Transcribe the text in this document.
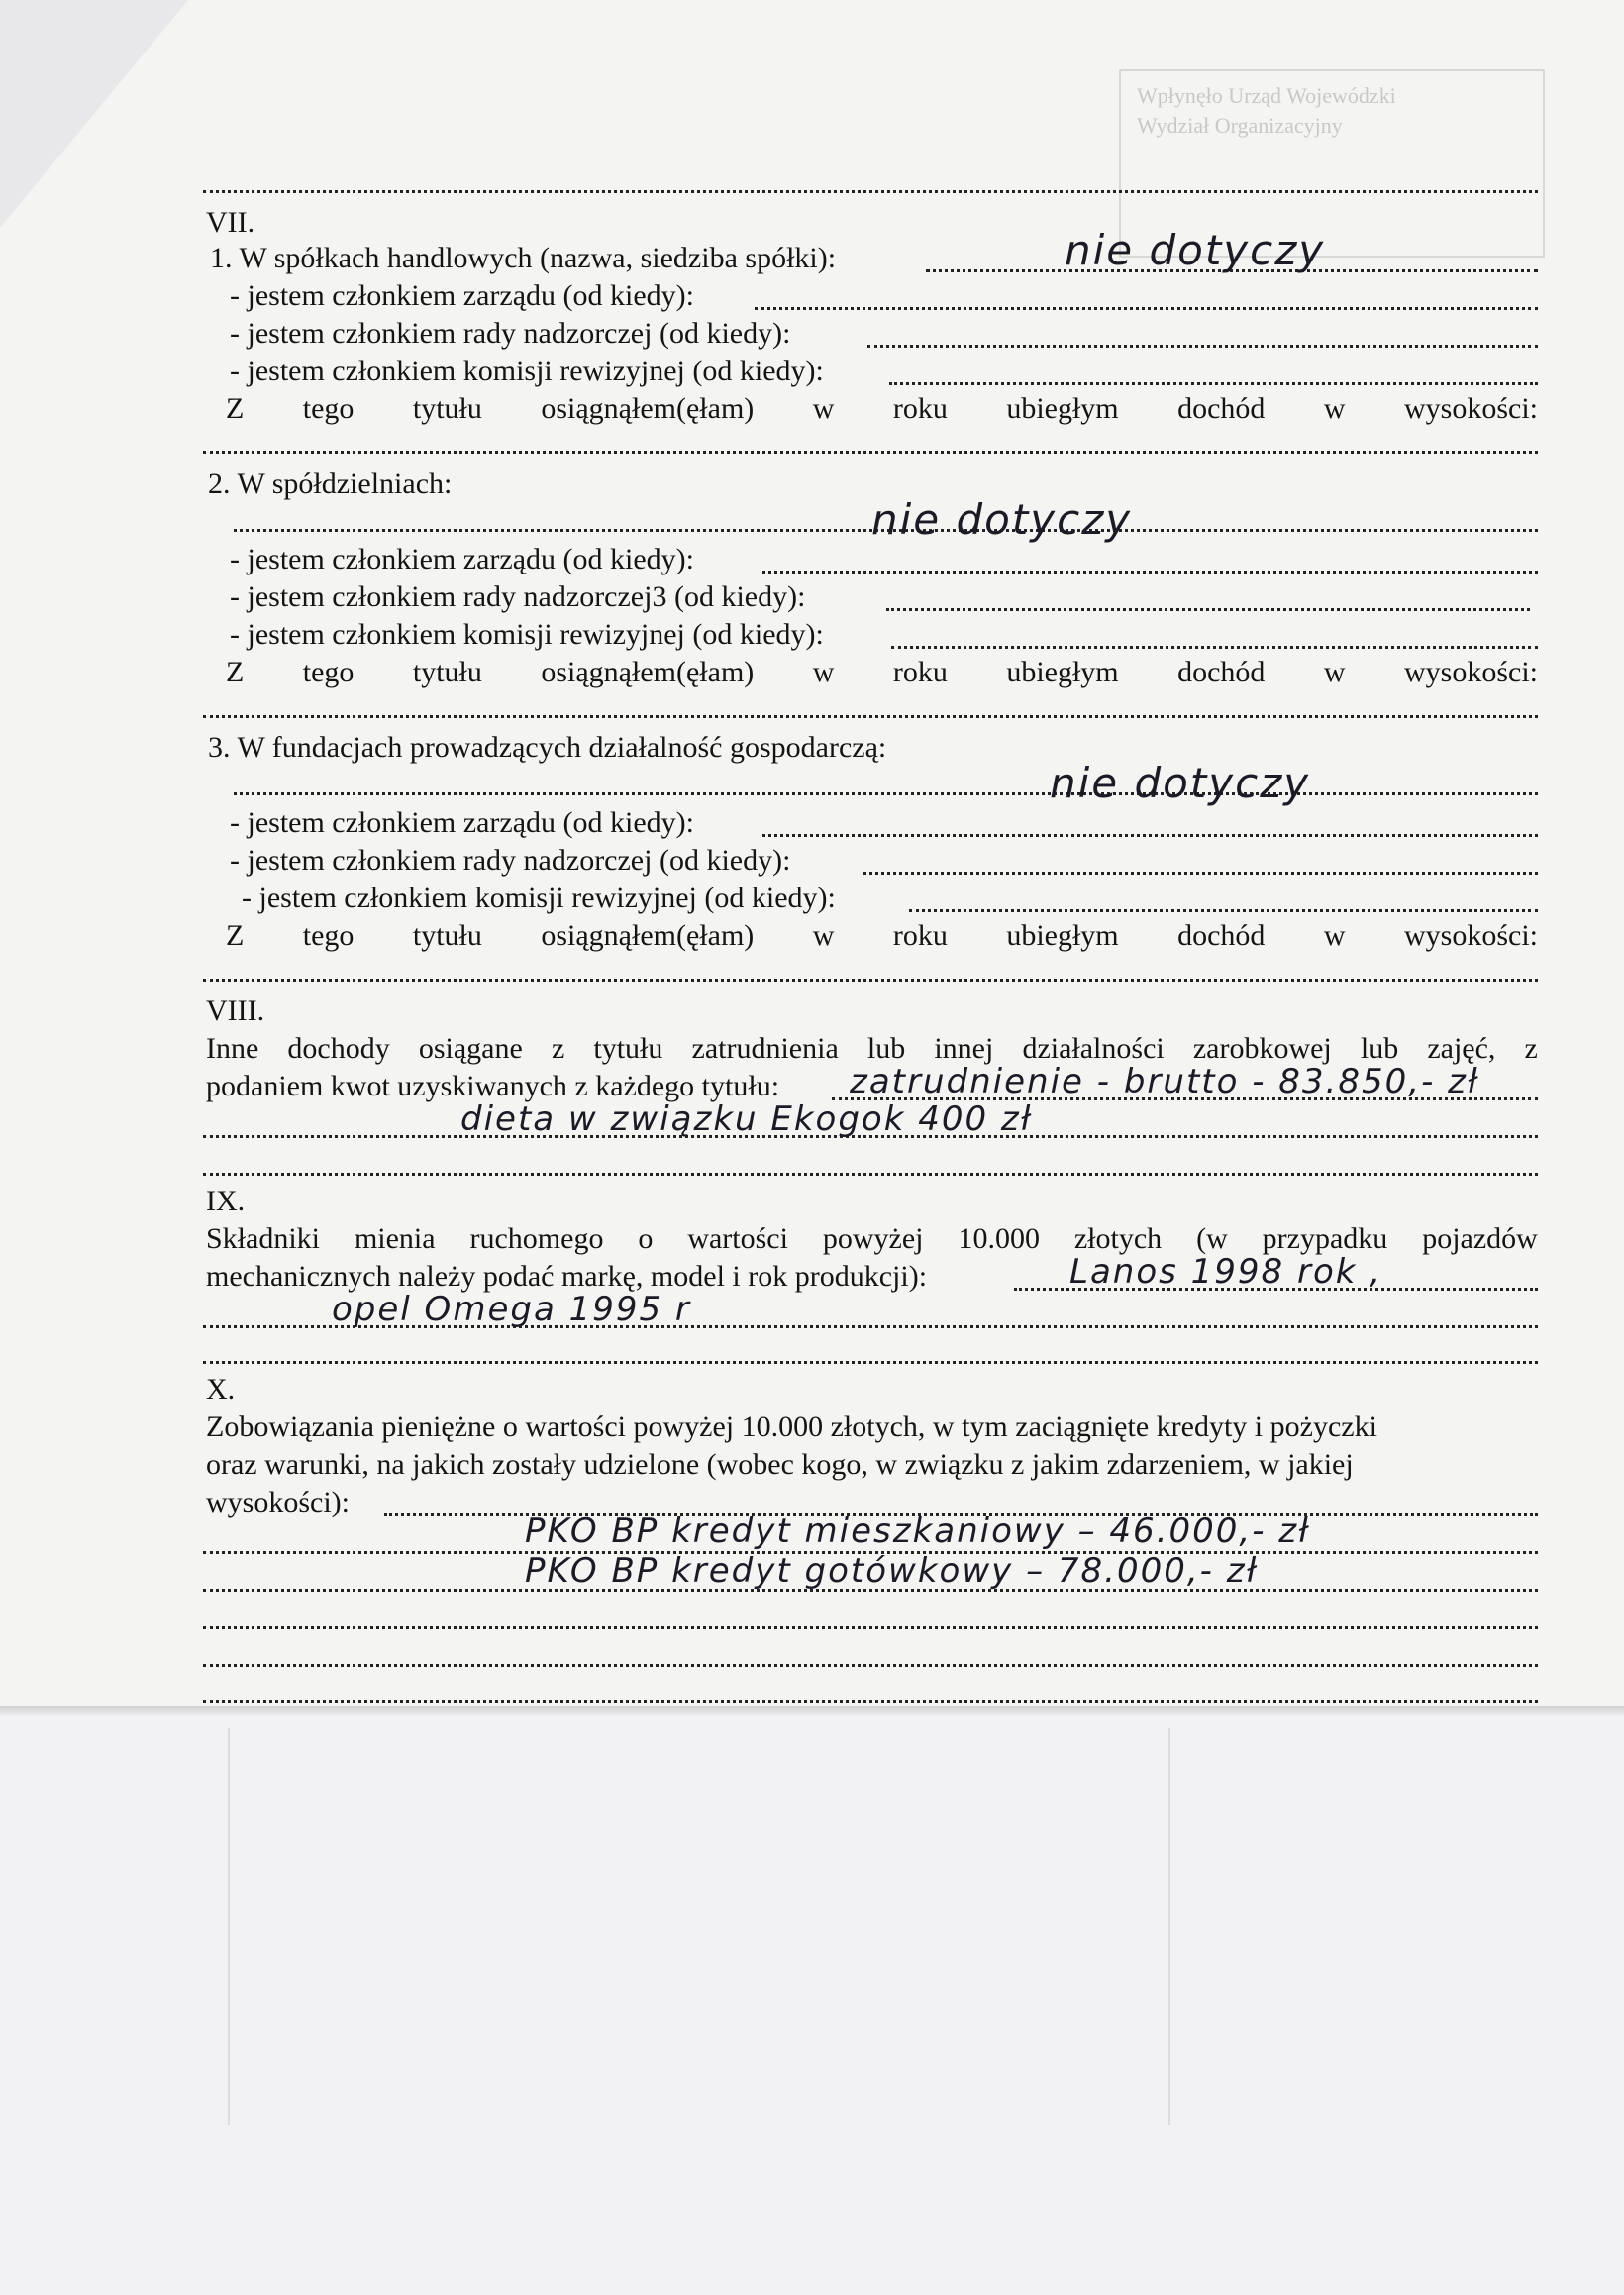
Wpłynęło Urząd Wojewódzki
Wydział Organizacyjny
VII.
1. W spółkach handlowych (nazwa, siedziba spółki):	nie dotyczy
- jestem członkiem zarządu (od kiedy):
- jestem członkiem rady nadzorczej (od kiedy):
- jestem członkiem komisji rewizyjnej (od kiedy):
Z tego tytułu osiągnąłem(ęłam) w roku ubiegłym dochód w wysokości:
2. W spółdzielniach:
nie dotyczy
- jestem członkiem zarządu (od kiedy):
- jestem członkiem rady nadzorczej3 (od kiedy):
- jestem członkiem komisji rewizyjnej (od kiedy):
Z tego tytułu osiągnąłem(ęłam) w roku ubiegłym dochód w wysokości:
3. W fundacjach prowadzących działalność gospodarczą:
nie dotyczy
- jestem członkiem zarządu (od kiedy):
- jestem członkiem rady nadzorczej (od kiedy):
- jestem członkiem komisji rewizyjnej (od kiedy):
Z tego tytułu osiągnąłem(ęłam) w roku ubiegłym dochód w wysokości:
VIII.
Inne dochody osiągane z tytułu zatrudnienia lub innej działalności zarobkowej lub zajęć, z
podaniem kwot uzyskiwanych z każdego tytułu: zatrudnienie - brutto - 83.850,- zł
dieta w związku Ekogok 400 zł
IX.
Składniki mienia ruchomego o wartości powyżej 10.000 złotych (w przypadku pojazdów
mechanicznych należy podać markę, model i rok produkcji):	Lanos 1998 rok ,
opel Omega 1995 r
X.
Zobowiązania pieniężne o wartości powyżej 10.000 złotych, w tym zaciągnięte kredyty i pożyczki
oraz warunki, na jakich zostały udzielone (wobec kogo, w związku z jakim zdarzeniem, w jakiej
wysokości):
PKO BP kredyt mieszkaniowy – 46.000,- zł
PKO BP kredyt gotówkowy – 78.000,- zł
